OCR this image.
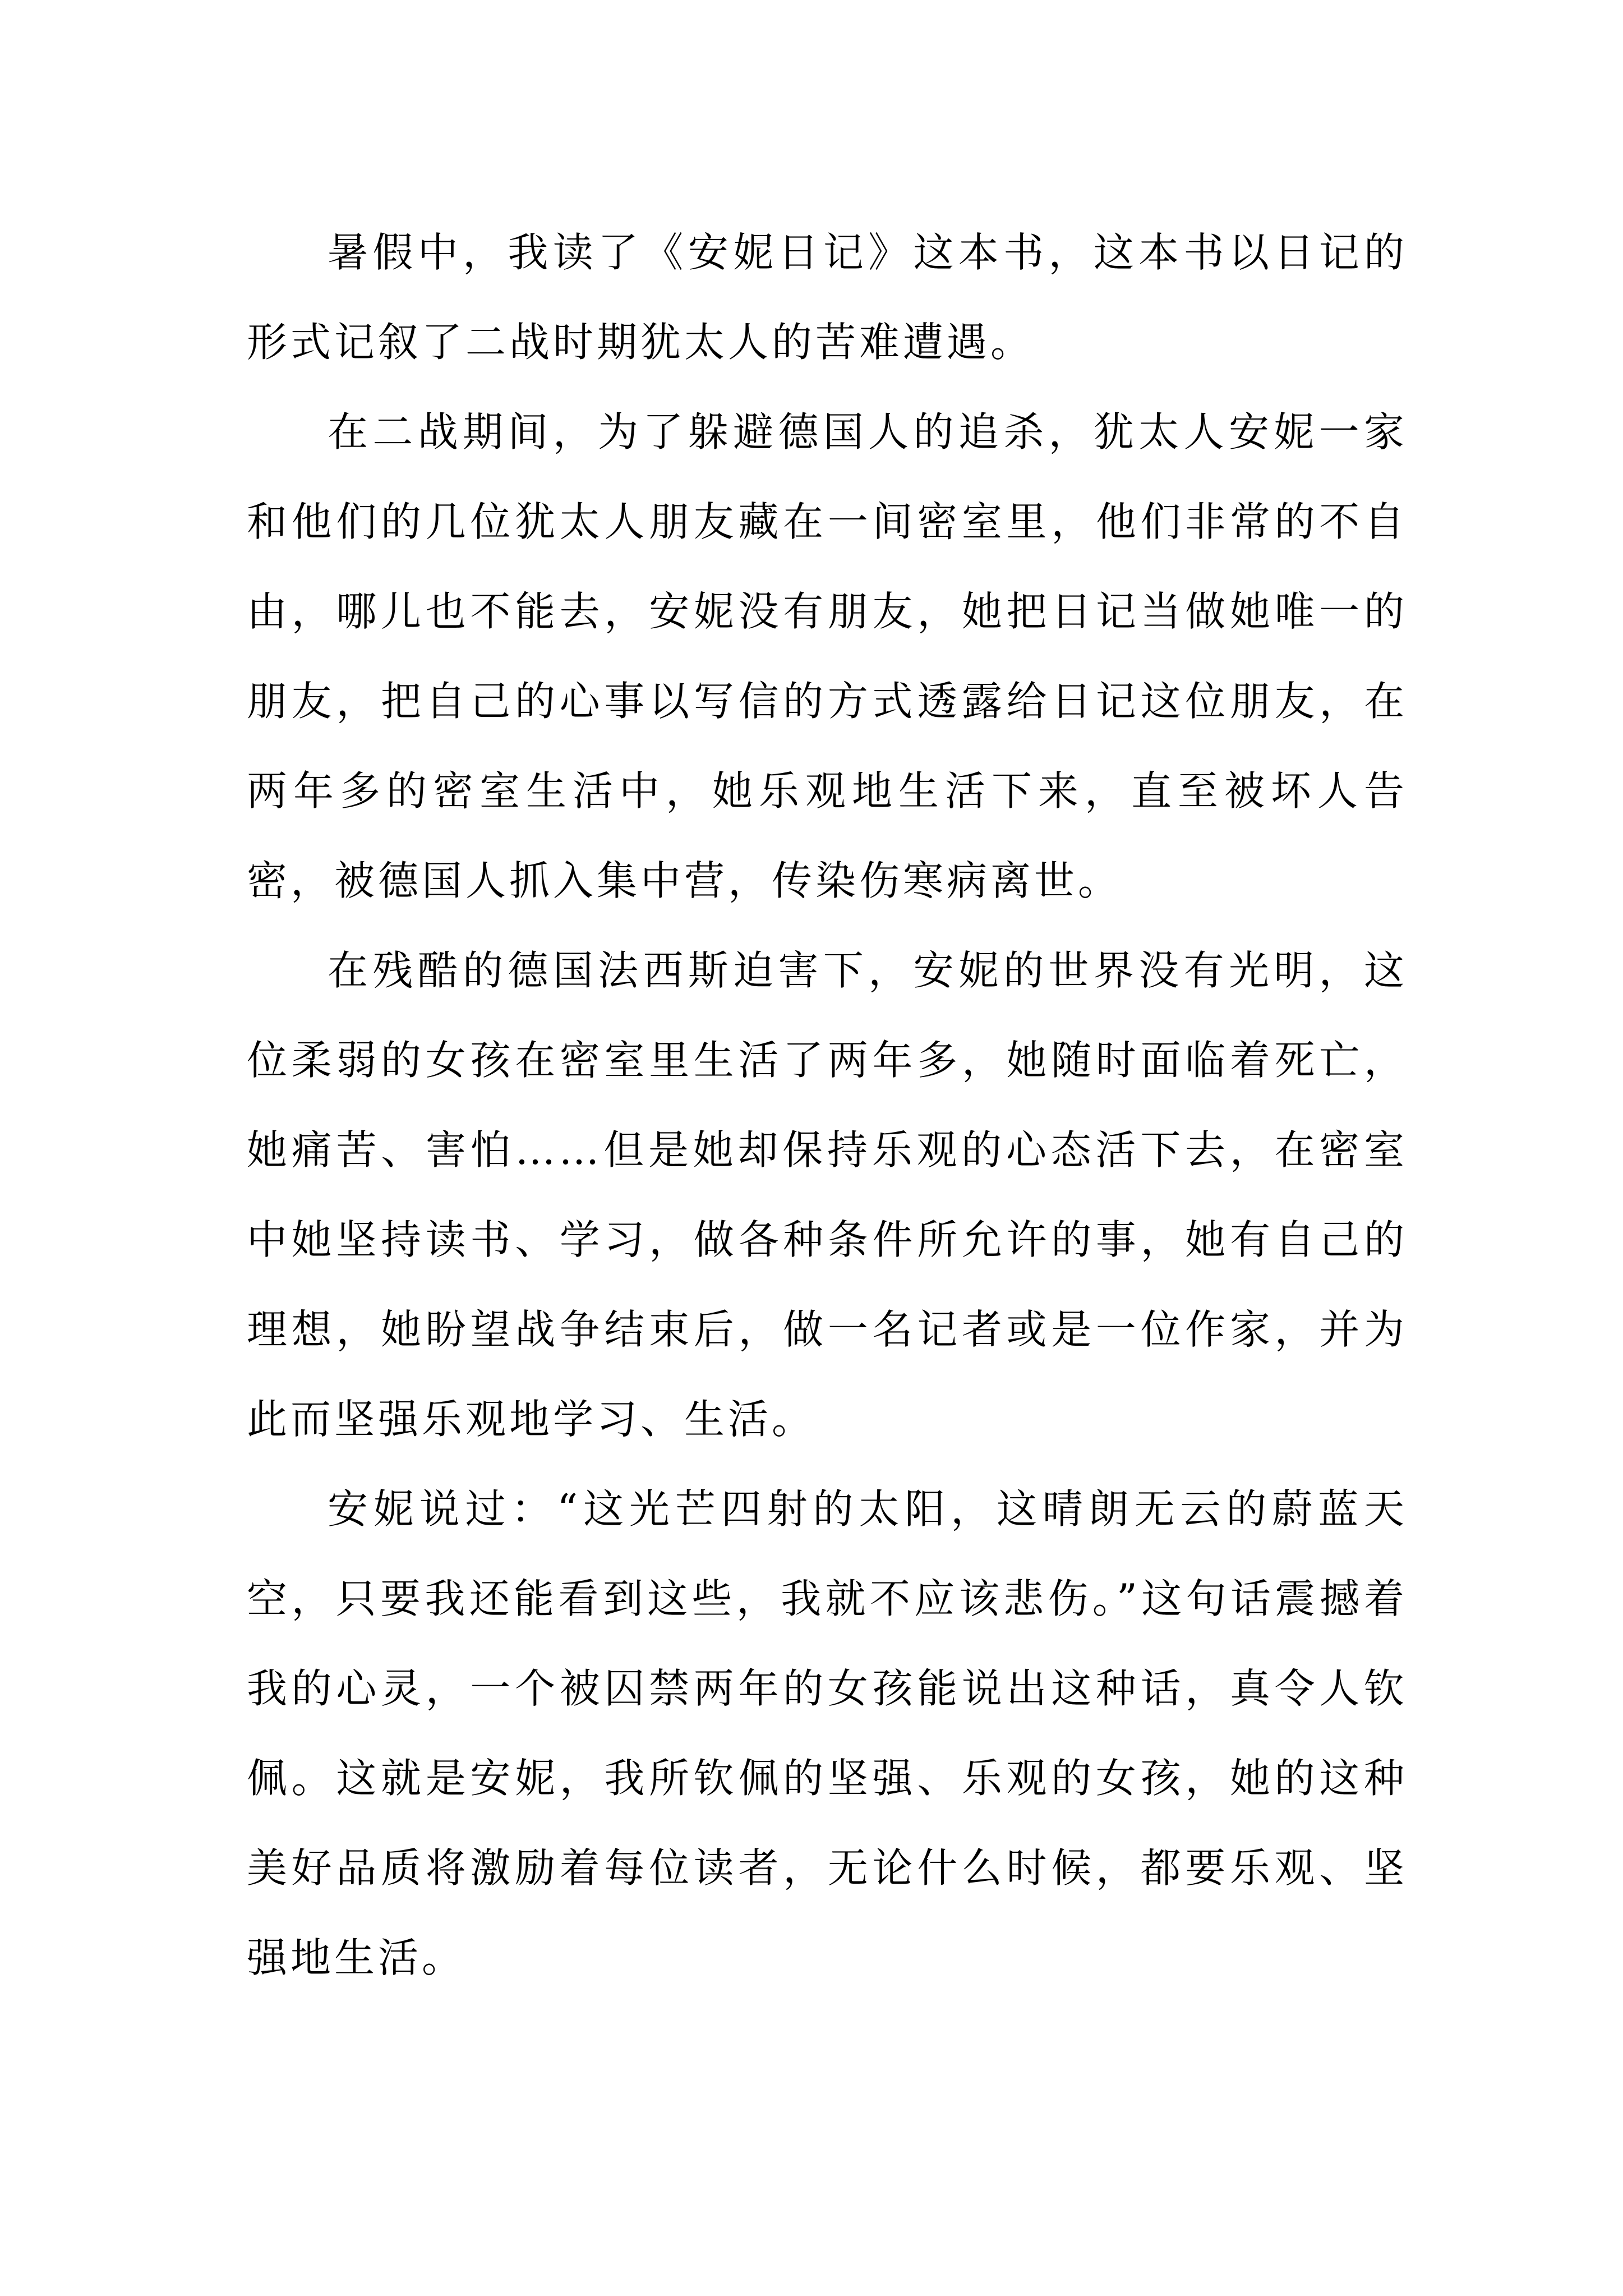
暑假中，我读了《安妮日记》这本书，这本书以日记的形式记叙了二战时期犹太人的苦难遭遇。

在二战期间，为了躲避德国人的追杀，犹太人安妮一家和他们的几位犹太人朋友藏在一间密室里，他们非常的不自由，哪儿也不能去，安妮没有朋友，她把日记当做她唯一的朋友，把自己的心事以写信的方式透露给日记这位朋友，在两年多的密室生活中，她乐观地生活下来，直至被坏人告密，被德国人抓入集中营，传染伤寒病离世。

在残酷的德国法西斯迫害下，安妮的世界没有光明，这位柔弱的女孩在密室里生活了两年多，她随时面临着死亡，她痛苦、害怕……但是她却保持乐观的心态活下去，在密室中她坚持读书、学习，做各种条件所允许的事，她有自己的理想，她盼望战争结束后，做一名记者或是一位作家，并为此而坚强乐观地学习、生活。

安妮说过：“这光芒四射的太阳，这晴朗无云的蔚蓝天空，只要我还能看到这些，我就不应该悲伤。”这句话震撼着我的心灵，一个被囚禁两年的女孩能说出这种话，真令人钦佩。这就是安妮，我所钦佩的坚强、乐观的女孩，她的这种美好品质将激励着每位读者，无论什么时候，都要乐观、坚强地生活。
